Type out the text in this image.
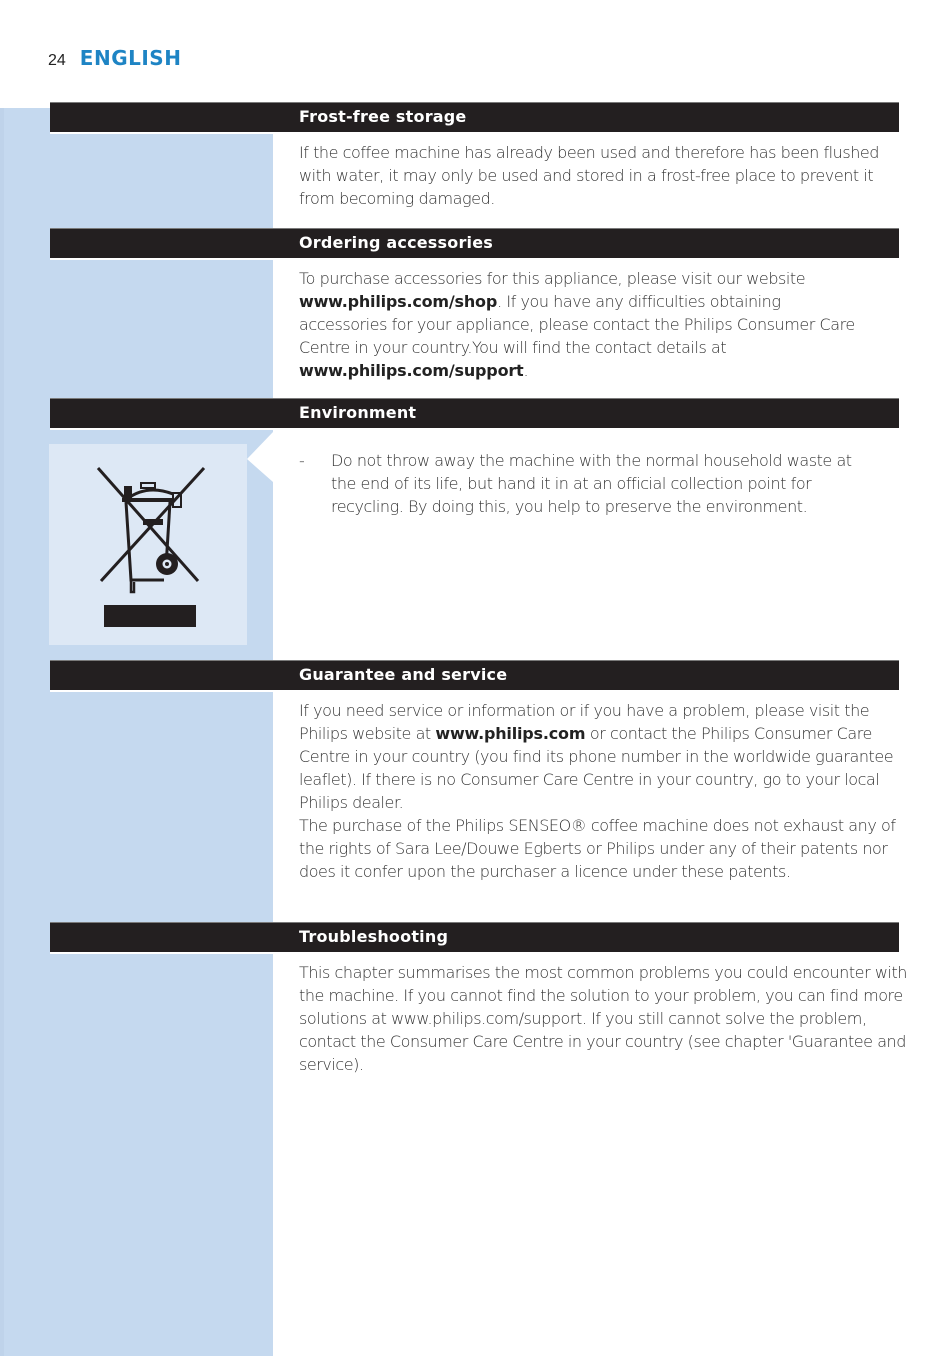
24 ENGLISH
Frost-free storage
If the coffee machine has already been used and therefore has been flushed with water, it may only be used and stored in a frost-free place to prevent it from becoming damaged.
Ordering accessories
To purchase accessories for this appliance, please visit our website www.philips.com/shop. If you have any difficulties obtaining accessories for your appliance, please contact the Philips Consumer Care Centre in your country.You will find the contact details at www.philips.com/support.
Environment
-	Do not throw away the machine with the normal household waste at the end of its life, but hand it in at an official collection point for recycling. By doing this, you help to preserve the environment.
Guarantee and service
If you need service or information or if you have a problem, please visit the Philips website at www.philips.com or contact the Philips Consumer Care Centre in your country (you find its phone number in the worldwide guarantee leaflet). If there is no Consumer Care Centre in your country, go to your local Philips dealer.
The purchase of the Philips SENSEO® coffee machine does not exhaust any of the rights of Sara Lee/Douwe Egberts or Philips under any of their patents nor does it confer upon the purchaser a licence under these patents.
Troubleshooting
This chapter summarises the most common problems you could encounter with the machine. If you cannot find the solution to your problem, you can find more solutions at www.philips.com/support. If you still cannot solve the problem, contact the Consumer Care Centre in your country (see chapter 'Guarantee and service).
